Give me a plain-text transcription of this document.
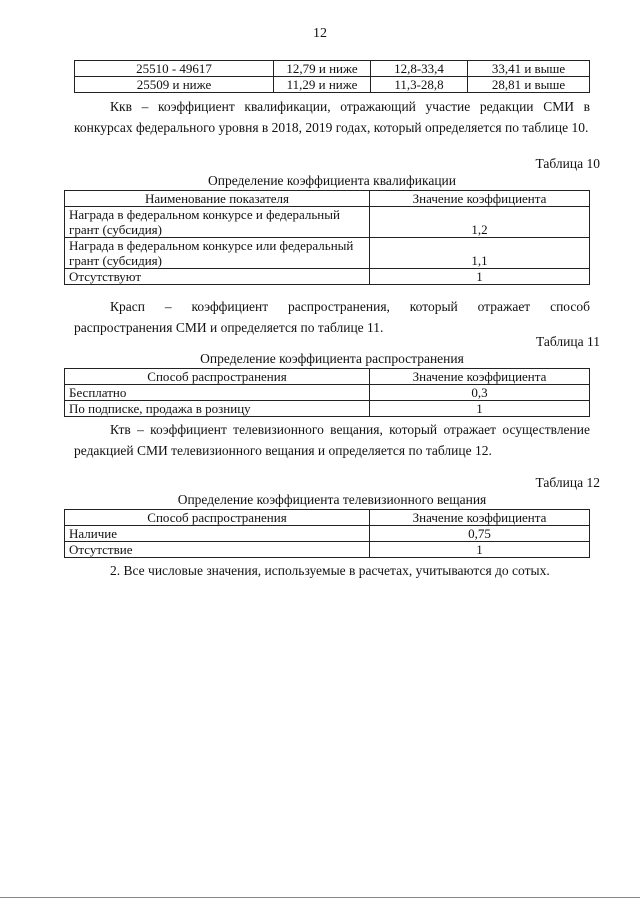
12
25510 - 49617	12,79 и ниже	12,8-33,4	33,41 и выше
25509 и ниже	11,29 и ниже	11,3-28,8	28,81 и выше
Ккв – коэффициент квалификации, отражающий участие редакции СМИ в конкурсах федерального уровня в 2018, 2019 годах, который определяется по таблице 10.
Таблица 10
Определение коэффициента квалификации
Наименование показателя	Значение коэффициента
Награда в федеральном конкурсе и федеральный грант (субсидия)	1,2
Награда в федеральном конкурсе или федеральный грант (субсидия)	1,1
Отсутствуют	1
Красп – коэффициент распространения, который отражает способ распространения СМИ и определяется по таблице 11.
Таблица 11
Определение коэффициента распространения
Способ распространения	Значение коэффициента
Бесплатно	0,3
По подписке, продажа в розницу	1
Ктв – коэффициент телевизионного вещания, который отражает осуществление редакцией СМИ телевизионного вещания и определяется по таблице 12.
Таблица 12
Определение коэффициента телевизионного вещания
Способ распространения	Значение коэффициента
Наличие	0,75
Отсутствие	1
2. Все числовые значения, используемые в расчетах, учитываются до сотых.
